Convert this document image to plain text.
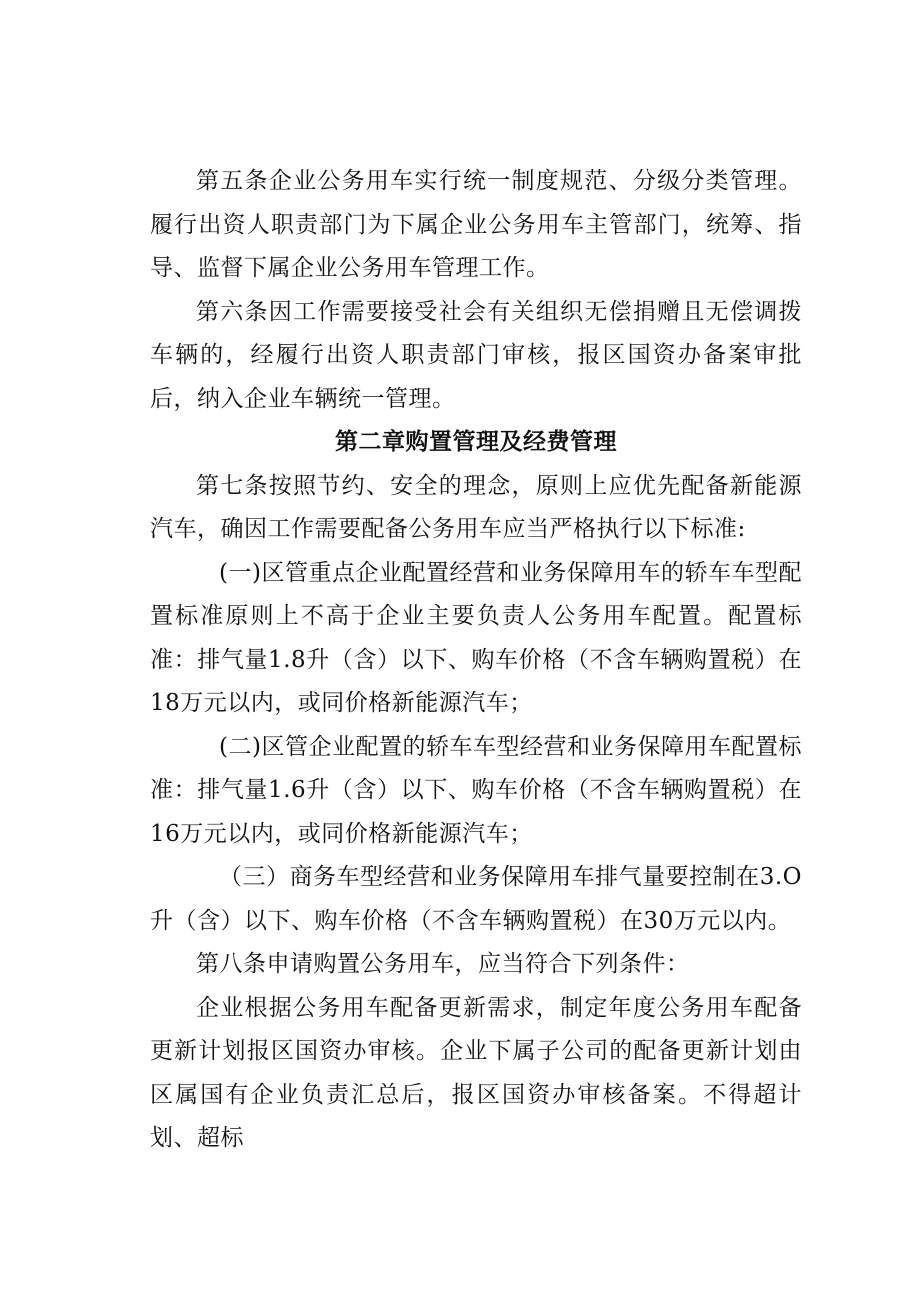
第五条企业公务用车实行统一制度规范、分级分类管理。履行出资人职责部门为下属企业公务用车主管部门，统筹、指导、监督下属企业公务用车管理工作。

第六条因工作需要接受社会有关组织无偿捐赠且无偿调拨车辆的，经履行出资人职责部门审核，报区国资办备案审批后，纳入企业车辆统一管理。

第二章购置管理及经费管理

第七条按照节约、安全的理念，原则上应优先配备新能源汽车，确因工作需要配备公务用车应当严格执行以下标准:

(一)区管重点企业配置经营和业务保障用车的轿车车型配置标准原则上不高于企业主要负责人公务用车配置。配置标准：排气量1.8升（含）以下、购车价格（不含车辆购置税）在18万元以内，或同价格新能源汽车；

(二)区管企业配置的轿车车型经营和业务保障用车配置标准：排气量1.6升（含）以下、购车价格（不含车辆购置税）在16万元以内，或同价格新能源汽车；

（三）商务车型经营和业务保障用车排气量要控制在3.O升（含）以下、购车价格（不含车辆购置税）在30万元以内。

第八条申请购置公务用车，应当符合下列条件：

企业根据公务用车配备更新需求，制定年度公务用车配备更新计划报区国资办审核。企业下属子公司的配备更新计划由区属国有企业负责汇总后，报区国资办审核备案。不得超计划、超标
